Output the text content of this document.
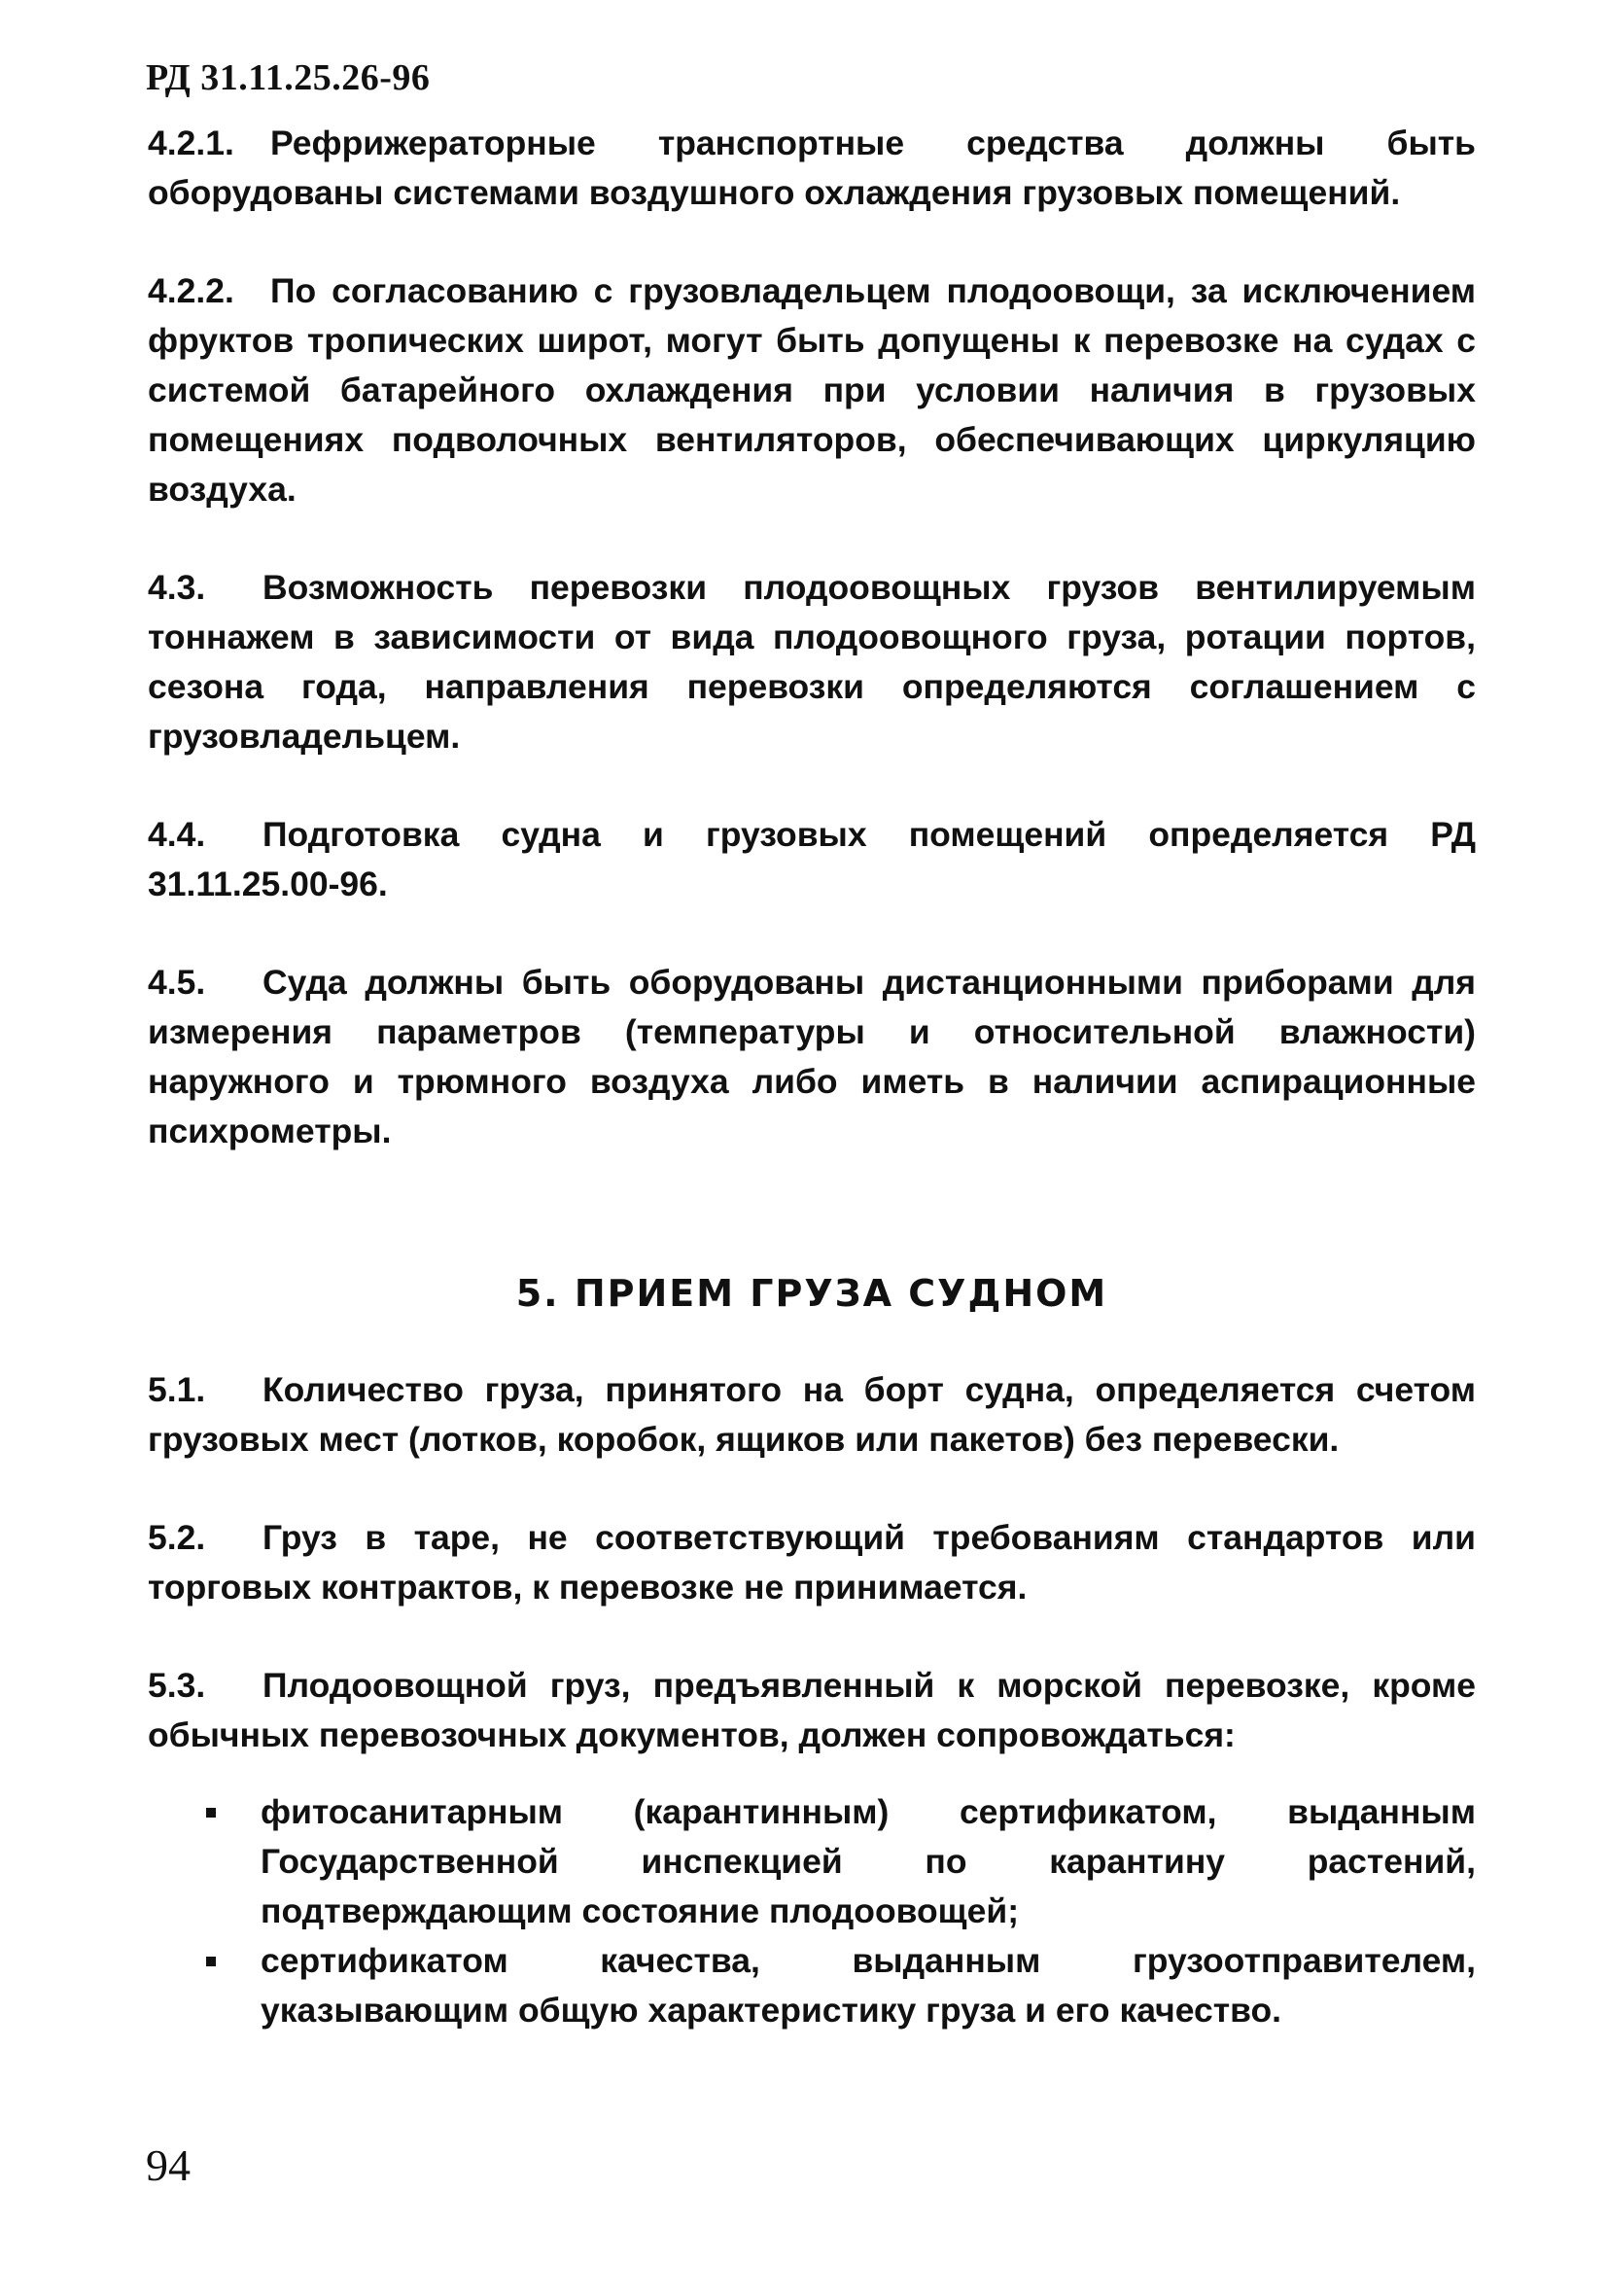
РД 31.11.25.26-96

4.2.1. Рефрижераторные транспортные средства должны быть оборудованы системами воздушного охлаждения грузовых помещений.

4.2.2. По согласованию с грузовладельцем плодоовощи, за исключением фруктов тропических широт, могут быть допущены к перевозке на судах с системой батарейного охлаждения при условии наличия в грузовых помещениях подволочных вентиляторов, обеспечивающих циркуляцию воздуха.

4.3. Возможность перевозки плодоовощных грузов вентилируемым тоннажем в зависимости от вида плодоовощного груза, ротации портов, сезона года, направления перевозки определяются соглашением с грузовладельцем.

4.4. Подготовка судна и грузовых помещений определяется РД 31.11.25.00-96.

4.5. Суда должны быть оборудованы дистанционными приборами для измерения параметров (температуры и относительной влажности) наружного и трюмного воздуха либо иметь в наличии аспирационные психрометры.

5. ПРИЕМ ГРУЗА СУДНОМ

5.1. Количество груза, принятого на борт судна, определяется счетом грузовых мест (лотков, коробок, ящиков или пакетов) без перевески.

5.2. Груз в таре, не соответствующий требованиям стандартов или торговых контрактов, к перевозке не принимается.

5.3. Плодоовощной груз, предъявленный к морской перевозке, кроме обычных перевозочных документов, должен сопровождаться:

фитосанитарным (карантинным) сертификатом, выданным Государственной инспекцией по карантину растений, подтверждающим состояние плодоовощей;
сертификатом качества, выданным грузоотправителем, указывающим общую характеристику груза и его качество.
94
